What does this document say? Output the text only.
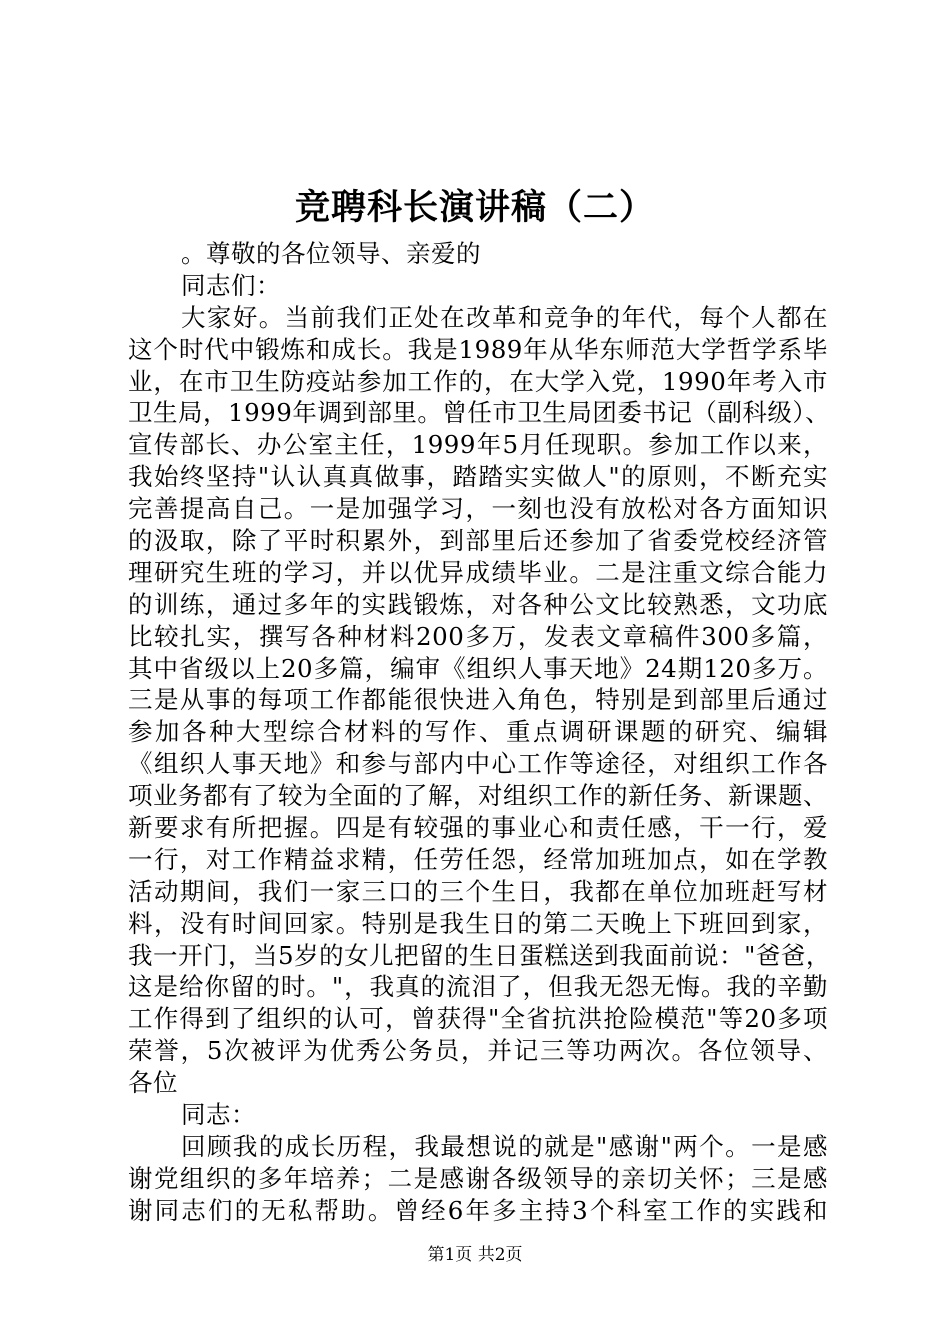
竞聘科长演讲稿（二）
。尊敬的各位领导、亲爱的
同志们：
大家好。当前我们正处在改革和竞争的年代，每个人都在
这个时代中锻炼和成长。我是1989年从华东师范大学哲学系毕
业，在市卫生防疫站参加工作的，在大学入党，1990年考入市
卫生局，1999年调到部里。曾任市卫生局团委书记（副科级）、
宣传部长、办公室主任，1999年5月任现职。参加工作以来，
我始终坚持"认认真真做事，踏踏实实做人"的原则，不断充实
完善提高自己。一是加强学习，一刻也没有放松对各方面知识
的汲取，除了平时积累外，到部里后还参加了省委党校经济管
理研究生班的学习，并以优异成绩毕业。二是注重文综合能力
的训练，通过多年的实践锻炼，对各种公文比较熟悉，文功底
比较扎实，撰写各种材料200多万，发表文章稿件300多篇，
其中省级以上20多篇，编审《组织人事天地》24期120多万。
三是从事的每项工作都能很快进入角色，特别是到部里后通过
参加各种大型综合材料的写作、重点调研课题的研究、编辑
《组织人事天地》和参与部内中心工作等途径，对组织工作各
项业务都有了较为全面的了解，对组织工作的新任务、新课题、
新要求有所把握。四是有较强的事业心和责任感，干一行，爱
一行，对工作精益求精，任劳任怨，经常加班加点，如在学教
活动期间，我们一家三口的三个生日，我都在单位加班赶写材
料，没有时间回家。特别是我生日的第二天晚上下班回到家，
我一开门，当5岁的女儿把留的生日蛋糕送到我面前说："爸爸，
这是给你留的时。"，我真的流泪了，但我无怨无悔。我的辛勤
工作得到了组织的认可，曾获得"全省抗洪抢险模范"等20多项
荣誉，5次被评为优秀公务员，并记三等功两次。各位领导、
各位
同志：
回顾我的成长历程，我最想说的就是"感谢"两个。一是感
谢党组织的多年培养；二是感谢各级领导的亲切关怀；三是感
谢同志们的无私帮助。曾经6年多主持3个科室工作的实践和
第1页 共2页
